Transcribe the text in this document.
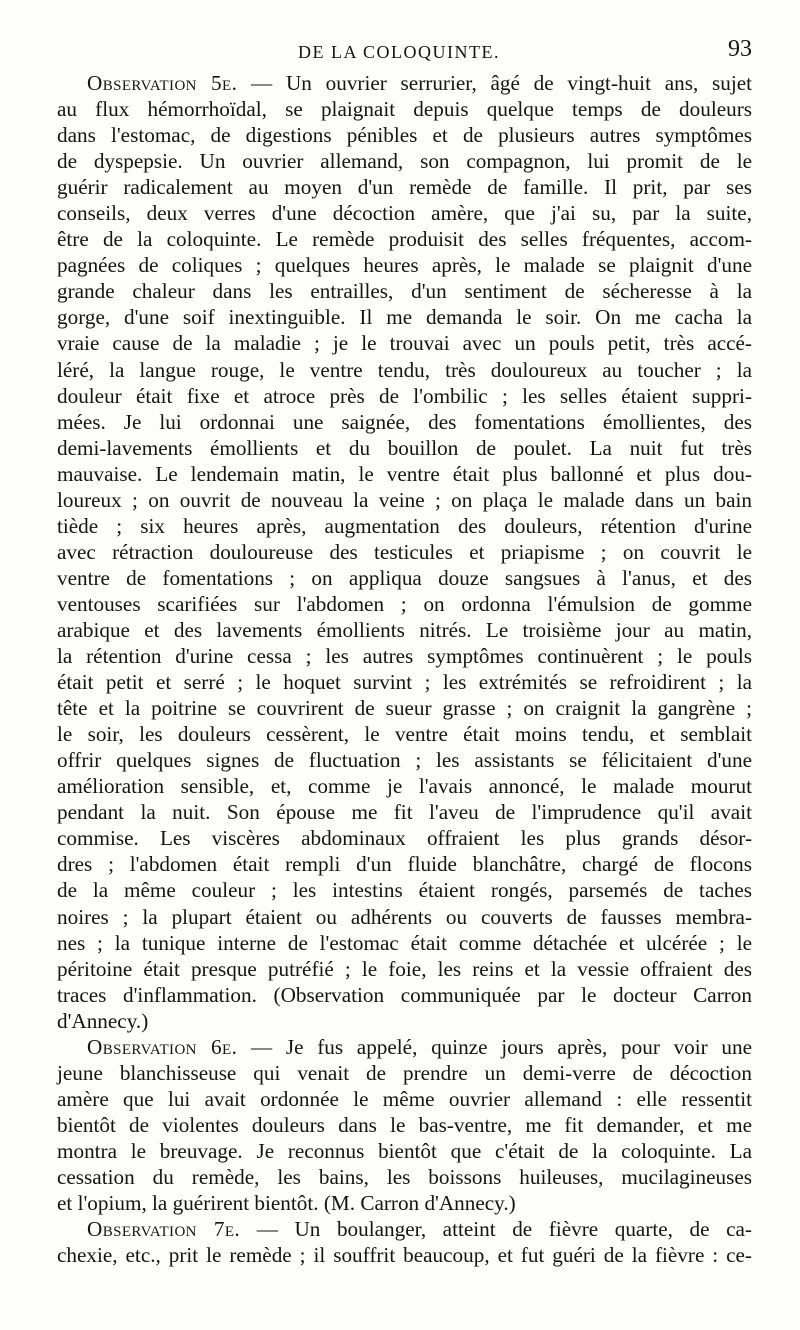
DE LA COLOQUINTE.	93
Observation 5e. — Un ouvrier serrurier, âgé de vingt-huit ans, sujet
au flux hémorrhoïdal, se plaignait depuis quelque temps de douleurs
dans l'estomac, de digestions pénibles et de plusieurs autres symptômes
de dyspepsie. Un ouvrier allemand, son compagnon, lui promit de le
guérir radicalement au moyen d'un remède de famille. Il prit, par ses
conseils, deux verres d'une décoction amère, que j'ai su, par la suite,
être de la coloquinte. Le remède produisit des selles fréquentes, accom-
pagnées de coliques ; quelques heures après, le malade se plaignit d'une
grande chaleur dans les entrailles, d'un sentiment de sécheresse à la
gorge, d'une soif inextinguible. Il me demanda le soir. On me cacha la
vraie cause de la maladie ; je le trouvai avec un pouls petit, très accé-
léré, la langue rouge, le ventre tendu, très douloureux au toucher ; la
douleur était fixe et atroce près de l'ombilic ; les selles étaient suppri-
mées. Je lui ordonnai une saignée, des fomentations émollientes, des
demi-lavements émollients et du bouillon de poulet. La nuit fut très
mauvaise. Le lendemain matin, le ventre était plus ballonné et plus dou-
loureux ; on ouvrit de nouveau la veine ; on plaça le malade dans un bain
tiède ; six heures après, augmentation des douleurs, rétention d'urine
avec rétraction douloureuse des testicules et priapisme ; on couvrit le
ventre de fomentations ; on appliqua douze sangsues à l'anus, et des
ventouses scarifiées sur l'abdomen ; on ordonna l'émulsion de gomme
arabique et des lavements émollients nitrés. Le troisième jour au matin,
la rétention d'urine cessa ; les autres symptômes continuèrent ; le pouls
était petit et serré ; le hoquet survint ; les extrémités se refroidirent ; la
tête et la poitrine se couvrirent de sueur grasse ; on craignit la gangrène ;
le soir, les douleurs cessèrent, le ventre était moins tendu, et semblait
offrir quelques signes de fluctuation ; les assistants se félicitaient d'une
amélioration sensible, et, comme je l'avais annoncé, le malade mourut
pendant la nuit. Son épouse me fit l'aveu de l'imprudence qu'il avait
commise. Les viscères abdominaux offraient les plus grands désor-
dres ; l'abdomen était rempli d'un fluide blanchâtre, chargé de flocons
de la même couleur ; les intestins étaient rongés, parsemés de taches
noires ; la plupart étaient ou adhérents ou couverts de fausses membra-
nes ; la tunique interne de l'estomac était comme détachée et ulcérée ; le
péritoine était presque putréfié ; le foie, les reins et la vessie offraient des
traces d'inflammation. (Observation communiquée par le docteur Carron
d'Annecy.)
Observation 6e. — Je fus appelé, quinze jours après, pour voir une
jeune blanchisseuse qui venait de prendre un demi-verre de décoction
amère que lui avait ordonnée le même ouvrier allemand : elle ressentit
bientôt de violentes douleurs dans le bas-ventre, me fit demander, et me
montra le breuvage. Je reconnus bientôt que c'était de la coloquinte. La
cessation du remède, les bains, les boissons huileuses, mucilagineuses
et l'opium, la guérirent bientôt. (M. Carron d'Annecy.)
Observation 7e. — Un boulanger, atteint de fièvre quarte, de ca-
chexie, etc., prit le remède ; il souffrit beaucoup, et fut guéri de la fièvre : ce-
